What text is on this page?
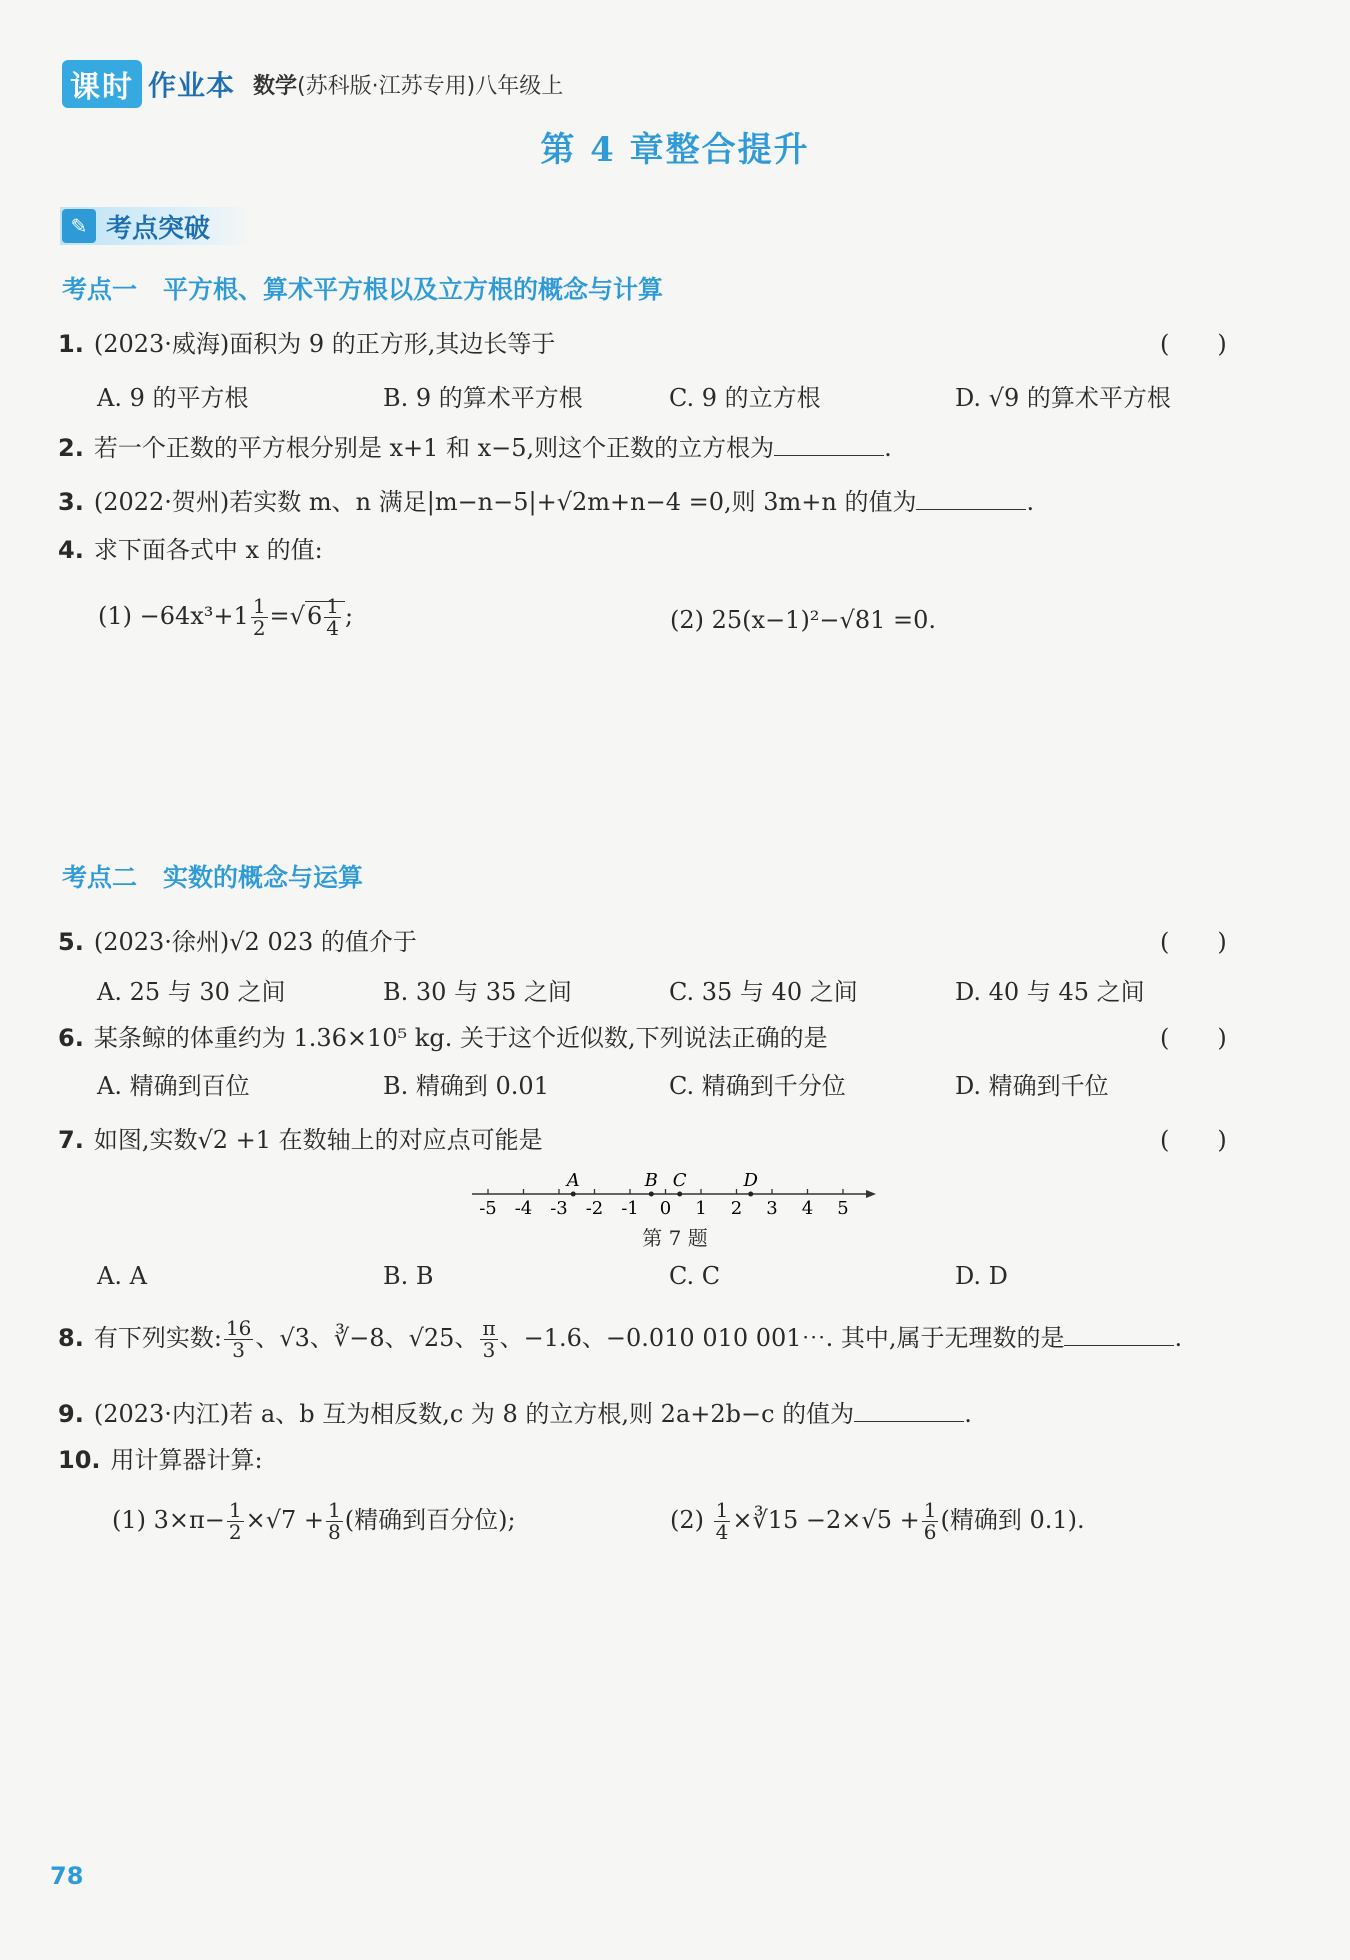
课时 作业本 数学(苏科版·江苏专用)八年级上
第 4 章整合提升
✎ 考点突破
考点一 平方根、算术平方根以及立方根的概念与计算
1. (2023·威海)面积为 9 的正方形,其边长等于	(　　)
A. 9 的平方根	B. 9 的算术平方根	C. 9 的立方根	D. √9 的算术平方根
2. 若一个正数的平方根分别是 x+1 和 x−5,则这个正数的立方根为	.
3. (2022·贺州)若实数 m、n 满足|m−n−5|+√2m+n−4 =0,则 3m+n 的值为	.
4. 求下面各式中 x 的值:
$(1) -64x^3+1 \frac{1}{2} =√6 \frac{1}{4}$ ;	(2) 25(x−1)²−√81 =0.
考点二 实数的概念与运算
5. (2023·徐州)√2 023 的值介于	(　　)
A. 25 与 30 之间	B. 30 与 35 之间	C. 35 与 40 之间	D. 40 与 45 之间
6. 某条鲸的体重约为 1.36×10⁵ kg. 关于这个近似数,下列说法正确的是	(　　)
A. 精确到百位	B. 精确到 0.01	C. 精确到千分位	D. 精确到千位
7. 如图,实数√2 +1 在数轴上的对应点可能是	(　　)
-5 -4 -3 -2 -1 0 1 2 3 4 5
A	B C	D
第 7 题
A. A	B. B	C. C	D. D
8. 有下列实数: $\frac{16}{3}$ 、√3、∛−8、√25、 $\frac{\pi}{3}$ 、−1.6、−0.010 010 001⋯. 其中,属于无理数的是	.
9. (2023·内江)若 a、b 互为相反数,c 为 8 的立方根,则 2a+2b−c 的值为	.
10. 用计算器计算:
(1) $3\times\pi- \frac{1}{2} \times√7 + \frac{1}{8}$ (精确到百分位);	$(2) \frac{1}{4}$ ×∛15 $-2\times√5 + \frac{1}{6}$ (精确到 0.1).
78
